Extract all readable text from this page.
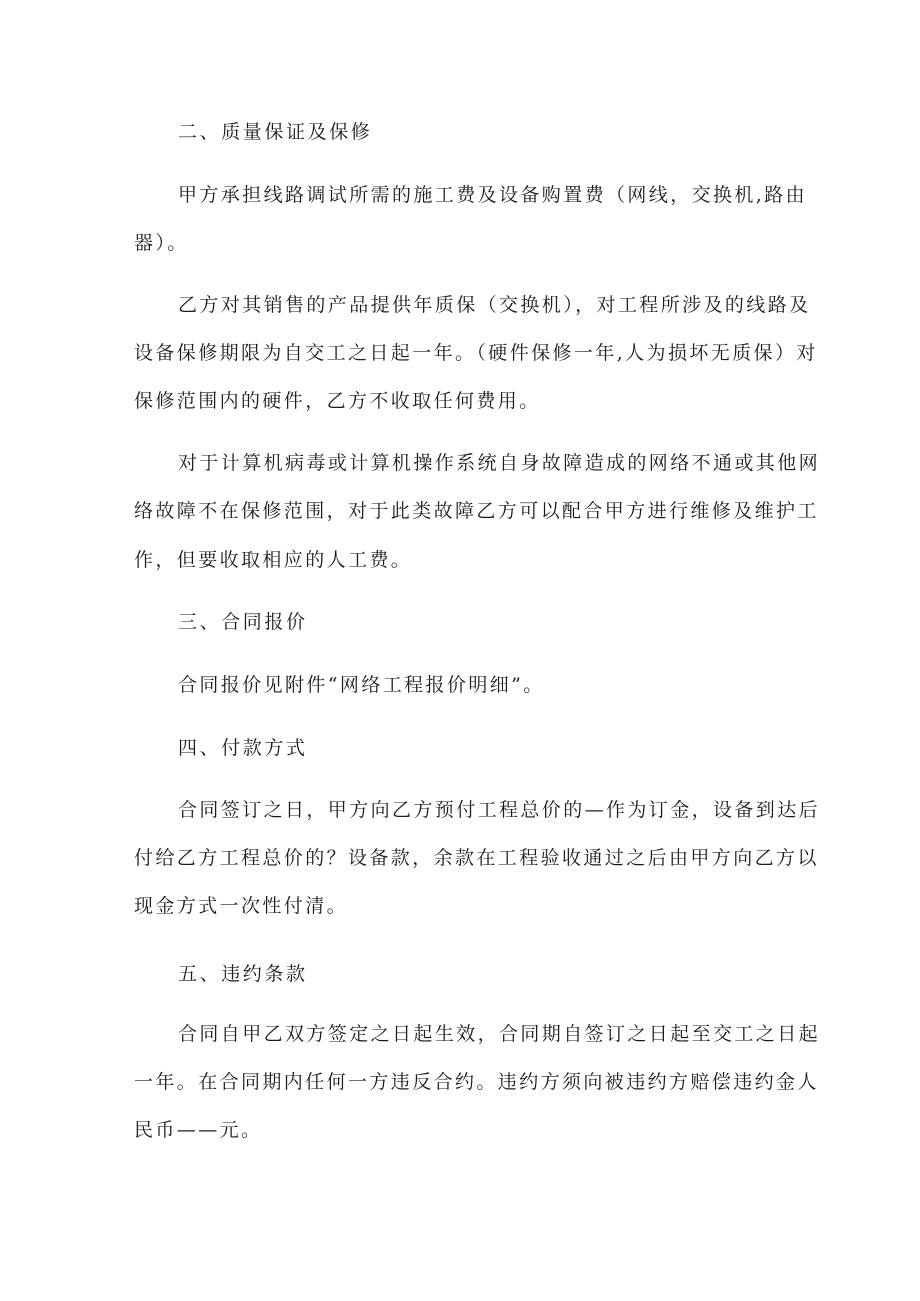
二、质量保证及保修
甲方承担线路调试所需的施工费及设备购置费（网线，交换机,路由
器）。
乙方对其销售的产品提供年质保（交换机），对工程所涉及的线路及
设备保修期限为自交工之日起一年。（硬件保修一年,人为损坏无质保）对
保修范围内的硬件，乙方不收取任何费用。
对于计算机病毒或计算机操作系统自身故障造成的网络不通或其他网
络故障不在保修范围，对于此类故障乙方可以配合甲方进行维修及维护工
作，但要收取相应的人工费。
三、合同报价
合同报价见附件“网络工程报价明细”。
四、付款方式
合同签订之日，甲方向乙方预付工程总价的—作为订金，设备到达后
付给乙方工程总价的？设备款，余款在工程验收通过之后由甲方向乙方以
现金方式一次性付清。
五、违约条款
合同自甲乙双方签定之日起生效，合同期自签订之日起至交工之日起
一年。在合同期内任何一方违反合约。违约方须向被违约方赔偿违约金人
民币——元。
